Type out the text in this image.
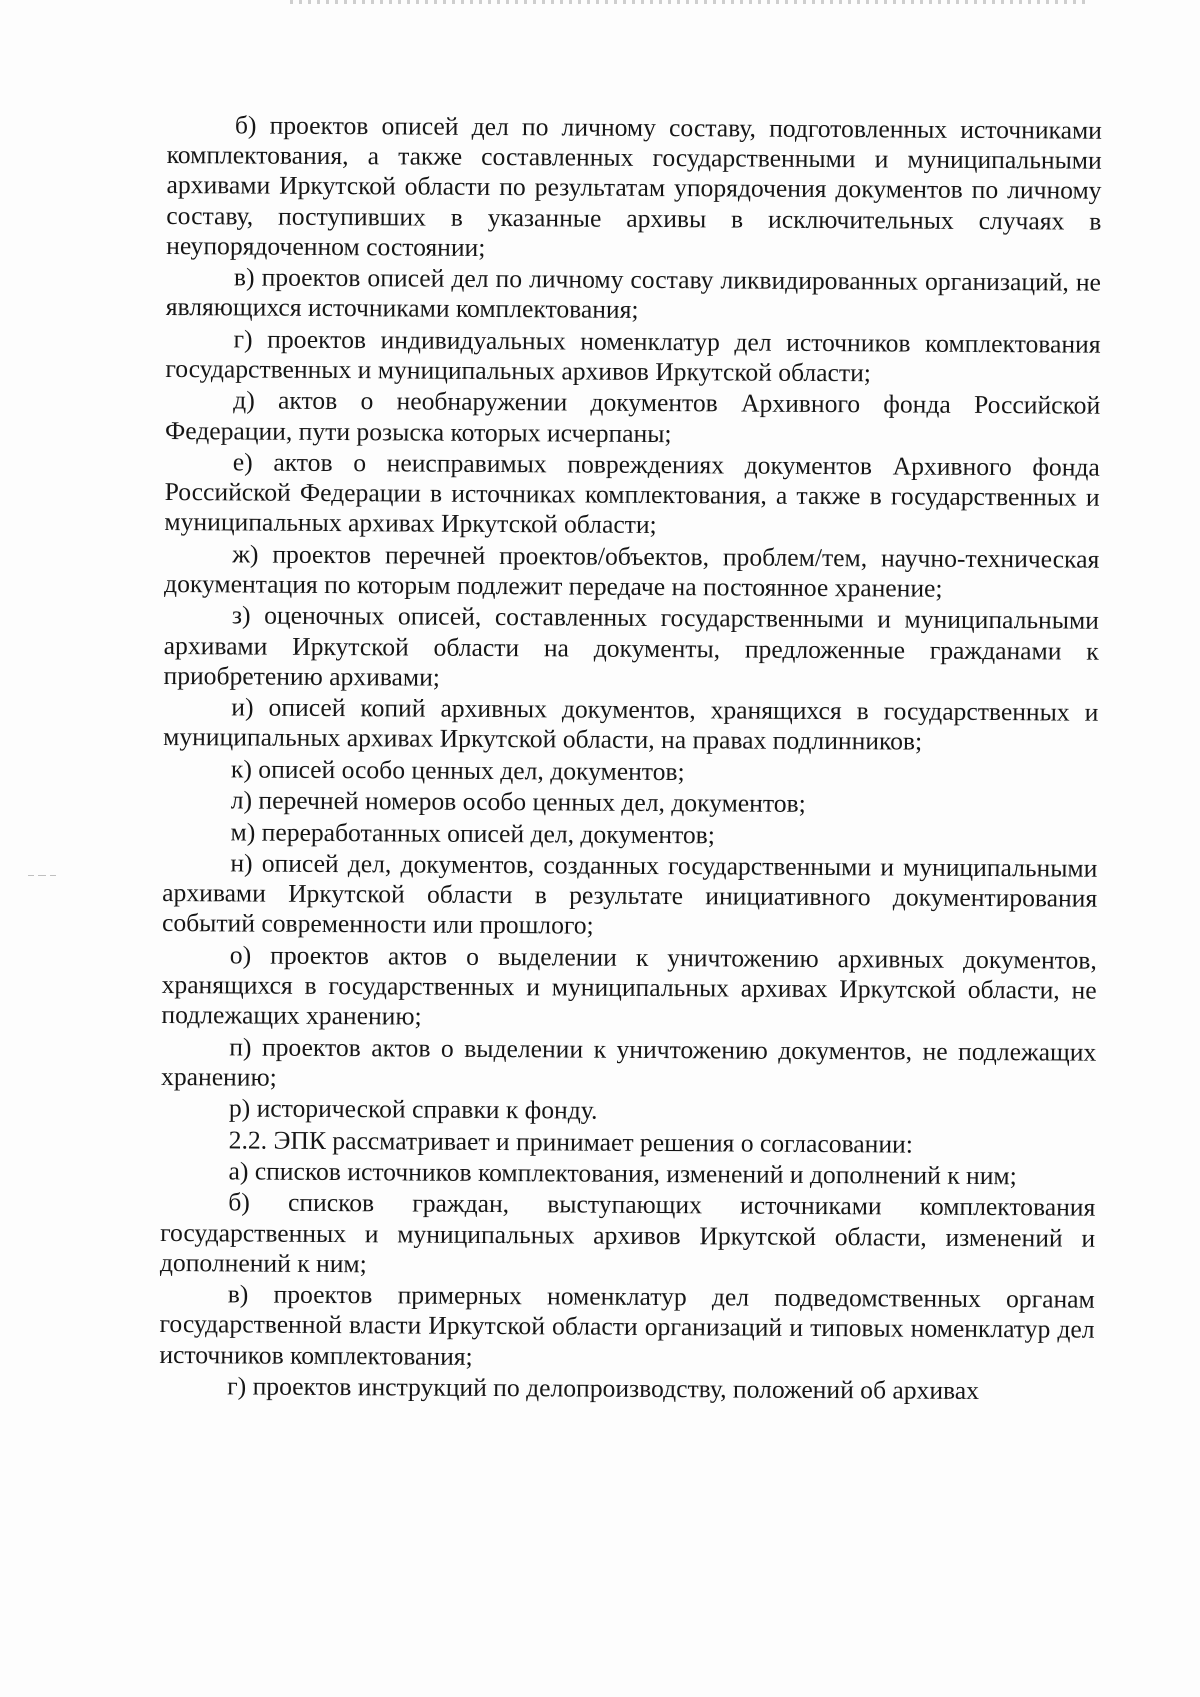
б) проектов описей дел по личному составу, подготовленных источниками комплектования, а также составленных государственными и муниципальными архивами Иркутской области по результатам упорядочения документов по личному составу, поступивших в указанные архивы в исключительных случаях в неупорядоченном состоянии;

в) проектов описей дел по личному составу ликвидированных организаций, не являющихся источниками комплектования;

г) проектов индивидуальных номенклатур дел источников комплектования государственных и муниципальных архивов Иркутской области;

д) актов о необнаружении документов Архивного фонда Российской Федерации, пути розыска которых исчерпаны;

е) актов о неисправимых повреждениях документов Архивного фонда Российской Федерации в источниках комплектования, а также в государственных и муниципальных архивах Иркутской области;

ж) проектов перечней проектов/объектов, проблем/тем, научно-техническая документация по которым подлежит передаче на постоянное хранение;

з) оценочных описей, составленных государственными и муниципальными архивами Иркутской области на документы, предложенные гражданами к приобретению архивами;

и) описей копий архивных документов, хранящихся в государственных и муниципальных архивах Иркутской области, на правах подлинников;

к) описей особо ценных дел, документов;

л) перечней номеров особо ценных дел, документов;

м) переработанных описей дел, документов;

н) описей дел, документов, созданных государственными и муниципальными архивами Иркутской области в результате инициативного документирования событий современности или прошлого;

о) проектов актов о выделении к уничтожению архивных документов, хранящихся в государственных и муниципальных архивах Иркутской области, не подлежащих хранению;

п) проектов актов о выделении к уничтожению документов, не подлежащих хранению;

р) исторической справки к фонду.

2.2. ЭПК рассматривает и принимает решения о согласовании:

а) списков источников комплектования, изменений и дополнений к ним;

б) списков граждан, выступающих источниками комплектования государственных и муниципальных архивов Иркутской области, изменений и дополнений к ним;

в) проектов примерных номенклатур дел подведомственных органам государственной власти Иркутской области организаций и типовых номенклатур дел источников комплектования;

г) проектов инструкций по делопроизводству, положений об архивах
